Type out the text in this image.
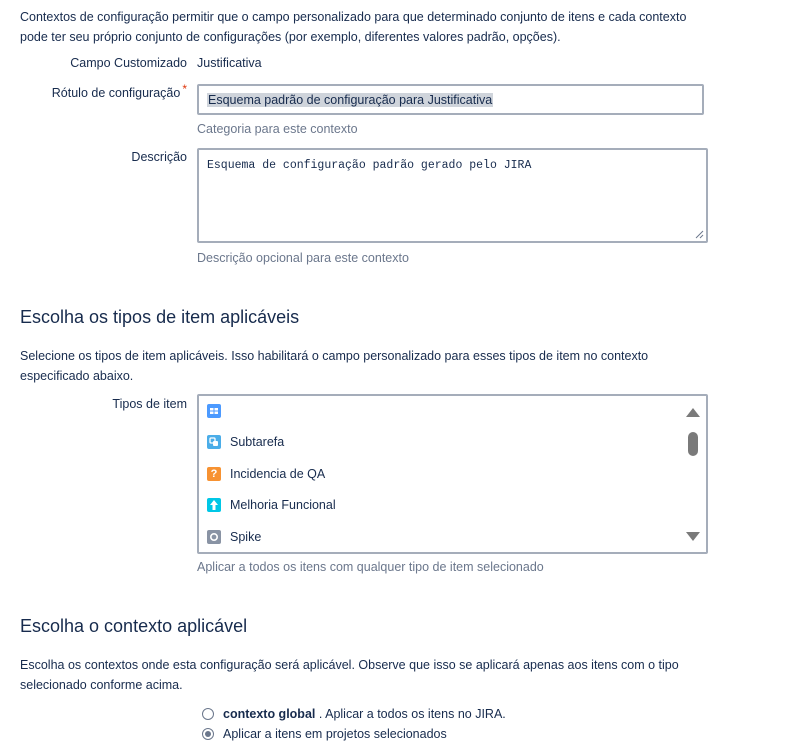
Contextos de configuração permitir que o campo personalizado para que determinado conjunto de itens e cada contexto pode ter seu próprio conjunto de configurações (por exemplo, diferentes valores padrão, opções).
Campo Customizado Justificativa
Rótulo de configuração *
Esquema padrão de configuração para Justificativa
Categoria para este contexto
Descrição
Esquema de configuração padrão gerado pelo JIRA
Descrição opcional para este contexto
Escolha os tipos de item aplicáveis
Selecione os tipos de item aplicáveis. Isso habilitará o campo personalizado para esses tipos de item no contexto especificado abaixo.
Tipos de item
Subtarefa
? Incidencia de QA
Melhoria Funcional
Spike
Aplicar a todos os itens com qualquer tipo de item selecionado
Escolha o contexto aplicável
Escolha os contextos onde esta configuração será aplicável. Observe que isso se aplicará apenas aos itens com o tipo selecionado conforme acima.
contexto global . Aplicar a todos os itens no JIRA.
Aplicar a itens em projetos selecionados
